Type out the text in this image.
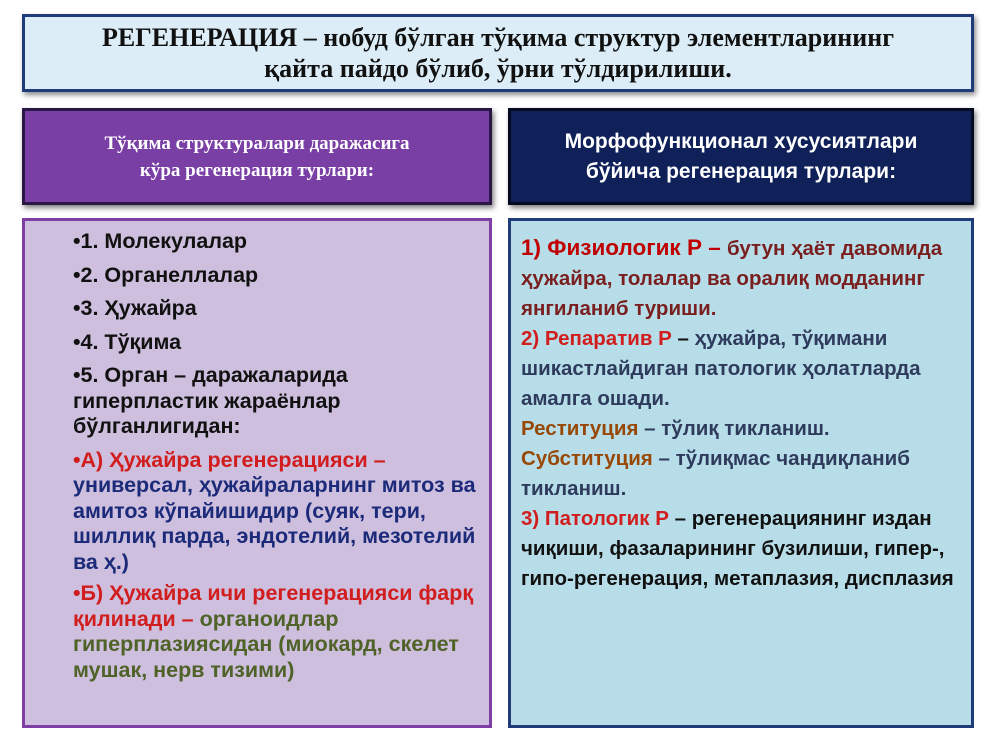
РЕГЕНЕРАЦИЯ – нобуд бўлган тўқима структур элементларининг
қайта пайдо бўлиб, ўрни тўлдирилиши.
Тўқима структуралари даражасига
кўра регенерация турлари:
Морфофункционал хусусиятлари
бўйича регенерация турлари:
•1. Молекулалар
•2. Органеллалар
•3. Ҳужайра
•4. Тўқима
•5. Орган – даражаларида гиперпластик жараёнлар бўлганлигидан:
•А) Ҳужайра регенерацияси – универсал, ҳужайраларнинг митоз ва амитоз кўпайишидир (суяк, тери, шиллиқ парда, эндотелий, мезотелий ва ҳ.)
•Б) Ҳужайра ичи регенерацияси фарқ қилинади – органоидлар гиперплазиясидан (миокард, скелет мушак, нерв тизими)

1) Физиологик Р – бутун ҳаёт давомида ҳужайра, толалар ва оралиқ модданинг янгиланиб туриши.

2) Репаратив Р – ҳужайра, тўқимани шикастлайдиган патологик ҳолатларда амалга ошади.

Реституция – тўлиқ тикланиш.

Субституция – тўлиқмас чандиқланиб тикланиш.

3) Патологик Р – регенерациянинг издан чиқиши, фазаларининг бузилиши, гипер-, гипо-регенерация, метаплазия, дисплазия
